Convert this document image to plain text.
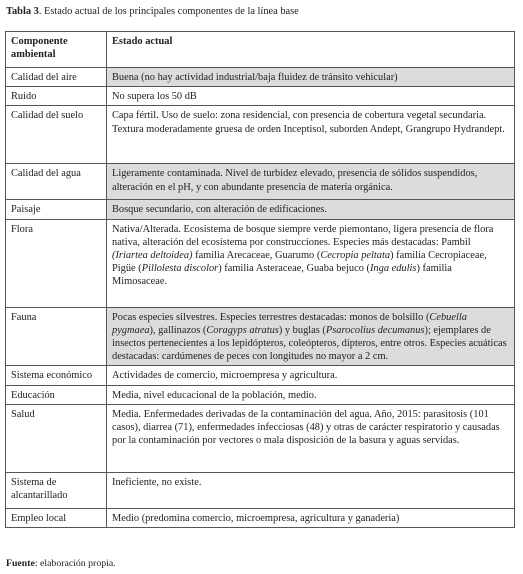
Tabla 3. Estado actual de los principales componentes de la línea base
Componente ambiental	Estado actual
Calidad del aire	Buena (no hay actividad industrial/baja fluidez de tránsito vehicular)
Ruido	No supera los 50 dB
Calidad del suelo	Capa fértil. Uso de suelo: zona residencial, con presencia de cobertura vegetal secundaria. Textura moderadamente gruesa de orden Inceptisol, suborden Andept, Grangrupo Hydrandept.
Calidad del agua	Ligeramente contaminada. Nivel de turbidez elevado, presencia de sólidos suspendidos, alteración en el pH, y con abundante presencia de materia orgánica.
Paisaje	Bosque secundario, con alteración de edificaciones.
Flora	Nativa/Alterada. Ecosistema de bosque siempre verde piemontano, ligera presencia de flora nativa, alteración del ecosistema por construcciones. Especies más destacadas: Pambil (Iriartea deltoidea) familia Arecaceae, Guarumo (Cecropia peltata) familia Cecropiaceae, Pigüe (Pillolesta discolor) familia Asteraceae, Guaba bejuco (Inga edulis) familia Mimosaceae.
Fauna	Pocas especies silvestres. Especies terrestres destacadas: monos de bolsillo (Cebuella pygmaea), gallinazos (Coragyps atratus) y buglas (Psarocolius decumanus); ejemplares de insectos pertenecientes a los lepidópteros, coleópteros, dípteros, entre otros. Especies acuáticas destacadas: cardúmenes de peces con longitudes no mayor a 2 cm.
Sistema económico	Actividades de comercio, microempresa y agricultura.
Educación	Media, nivel educacional de la población, medio.
Salud	Media. Enfermedades derivadas de la contaminación del agua. Año, 2015: parasitosis (101 casos), diarrea (71), enfermedades infecciosas (48) y otras de carácter respiratorio y causadas por la contaminación por vectores o mala disposición de la basura y aguas servidas.
Sistema de alcantarillado	Ineficiente, no existe.
Empleo local	Medio (predomina comercio, microempresa, agricultura y ganadería)
Fuente: elaboración propia.
